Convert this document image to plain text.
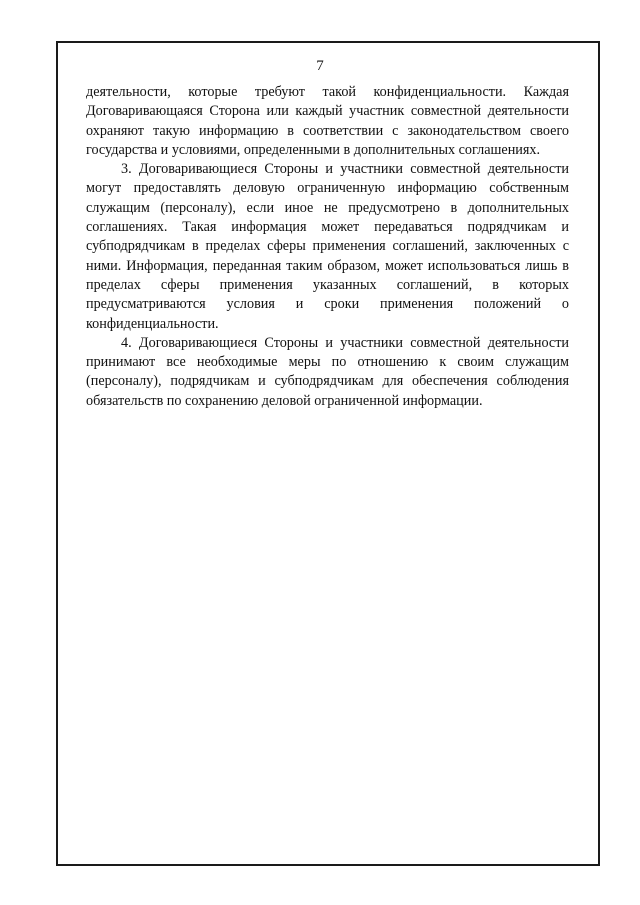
7

деятельности, которые требуют такой конфиденциальности. Каждая Договаривающаяся Сторона или каждый участник совместной деятельности охраняют такую информацию в соответствии с законодательством своего государства и условиями, определенными в дополнительных соглашениях.

3. Договаривающиеся Стороны и участники совместной деятельности могут предоставлять деловую ограниченную информацию собственным служащим (персоналу), если иное не предусмотрено в дополнительных соглашениях. Такая информация может передаваться подрядчикам и субподрядчикам в пределах сферы применения соглашений, заключенных с ними. Информация, переданная таким образом, может использоваться лишь в пределах сферы применения указанных соглашений, в которых предусматриваются условия и сроки применения положений о конфиденциальности.

4. Договаривающиеся Стороны и участники совместной деятельности принимают все необходимые меры по отношению к своим служащим (персоналу), подрядчикам и субподрядчикам для обеспечения соблюдения обязательств по сохранению деловой ограниченной информации.
